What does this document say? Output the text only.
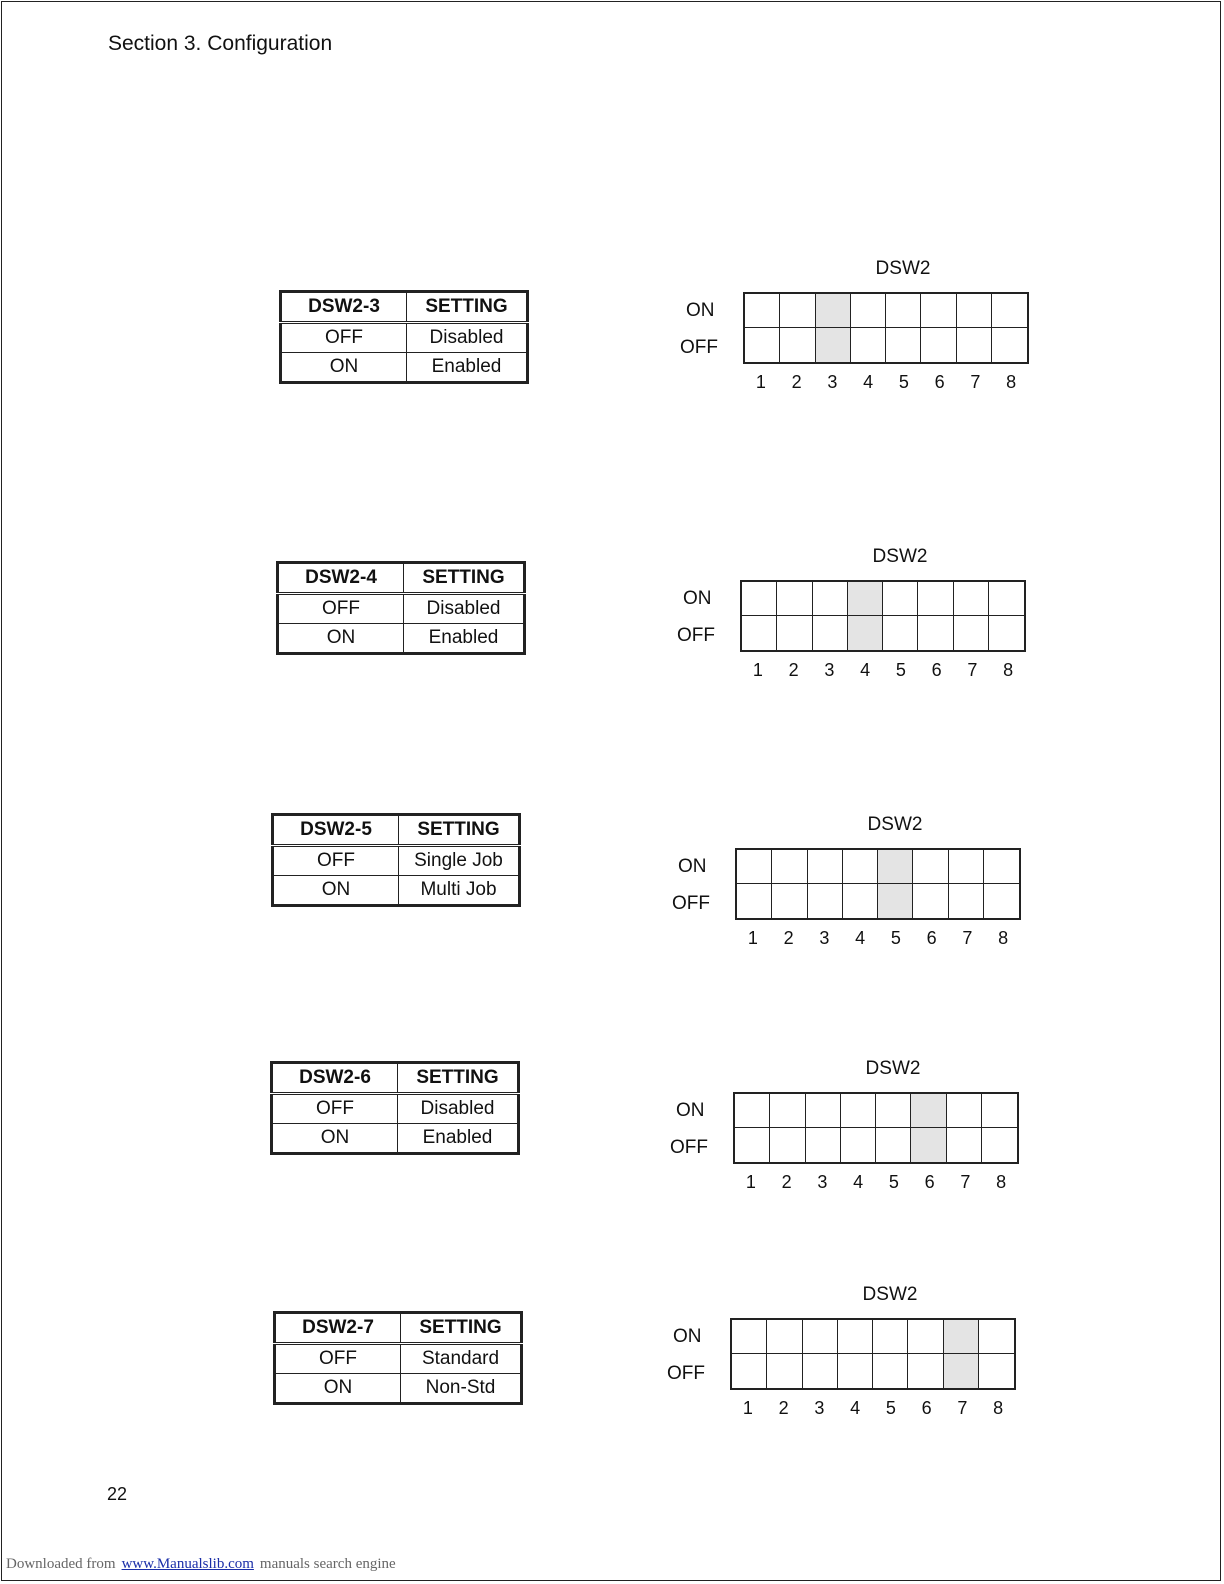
Section 3. Configuration
DSW2-3	SETTING
OFF	Disabled
ON	Enabled
DSW2
ON
OFF
1	2	3	4	5	6	7	8
DSW2-4	SETTING
OFF	Disabled
ON	Enabled
DSW2
ON
OFF
1	2	3	4	5	6	7	8
DSW2-5	SETTING
OFF	Single Job
ON	Multi Job
DSW2
ON
OFF
1	2	3	4	5	6	7	8
DSW2-6	SETTING
OFF	Disabled
ON	Enabled
DSW2
ON
OFF
1	2	3	4	5	6	7	8
DSW2-7	SETTING
OFF	Standard
ON	Non-Std
DSW2
ON
OFF
1	2	3	4	5	6	7	8
22
Downloaded from www.Manualslib.com manuals search engine
